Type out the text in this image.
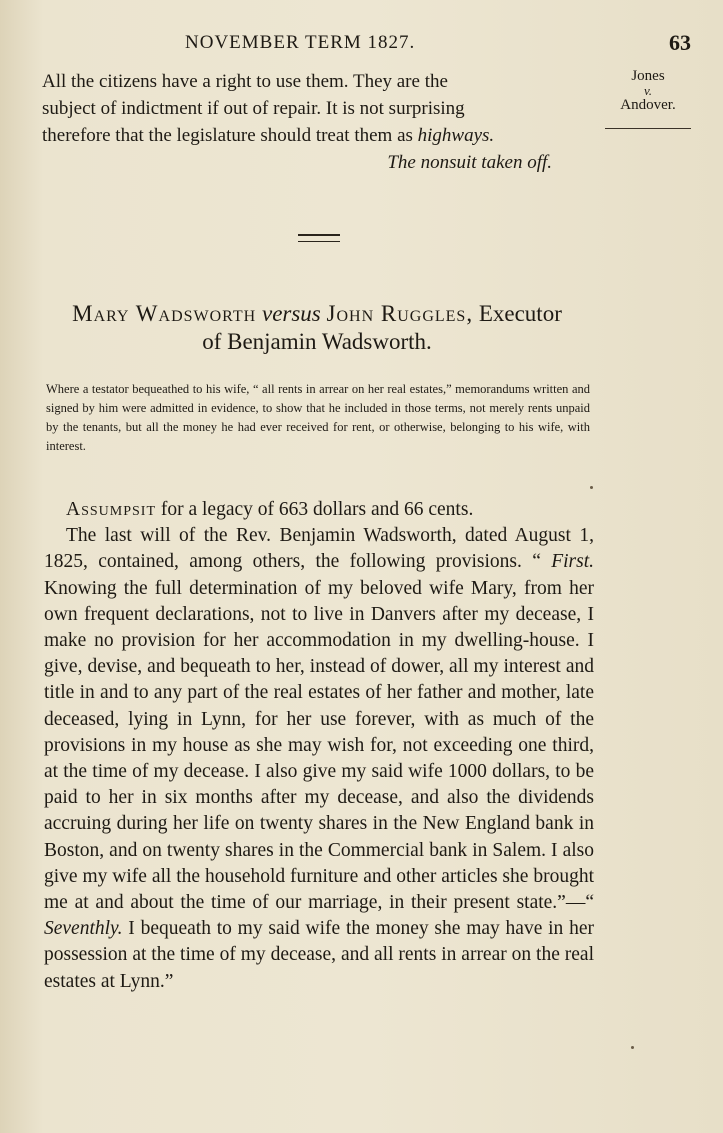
NOVEMBER TERM 1827.	63
Jones
v.
Andover.
All the citizens have a right to use them. They are the
subject of indictment if out of repair. It is not surprising
therefore that the legislature should treat them as highways.
The nonsuit taken off.
Mary Wadsworth versus John Ruggles, Executor
of Benjamin Wadsworth.
Where a testator bequeathed to his wife, “ all rents in arrear on her real estates,” memorandums written and signed by him were admitted in evidence, to show that he included in those terms, not merely rents unpaid by the tenants, but all the money he had ever received for rent, or otherwise, belonging to his wife, with interest.

Assumpsit for a legacy of 663 dollars and 66 cents.

The last will of the Rev. Benjamin Wadsworth, dated August 1, 1825, contained, among others, the following provisions. “ First. Knowing the full determination of my beloved wife Mary, from her own frequent declarations, not to live in Danvers after my decease, I make no provision for her accommodation in my dwelling-house. I give, devise, and bequeath to her, instead of dower, all my interest and title in and to any part of the real estates of her father and mother, late deceased, lying in Lynn, for her use forever, with as much of the provisions in my house as she may wish for, not exceeding one third, at the time of my decease. I also give my said wife 1000 dollars, to be paid to her in six months after my decease, and also the dividends accruing during her life on twenty shares in the New England bank in Boston, and on twenty shares in the Commercial bank in Salem. I also give my wife all the household furniture and other articles she brought me at and about the time of our marriage, in their present state.”—“ Seventhly. I bequeath to my said wife the money she may have in her possession at the time of my decease, and all rents in arrear on the real estates at Lynn.”
